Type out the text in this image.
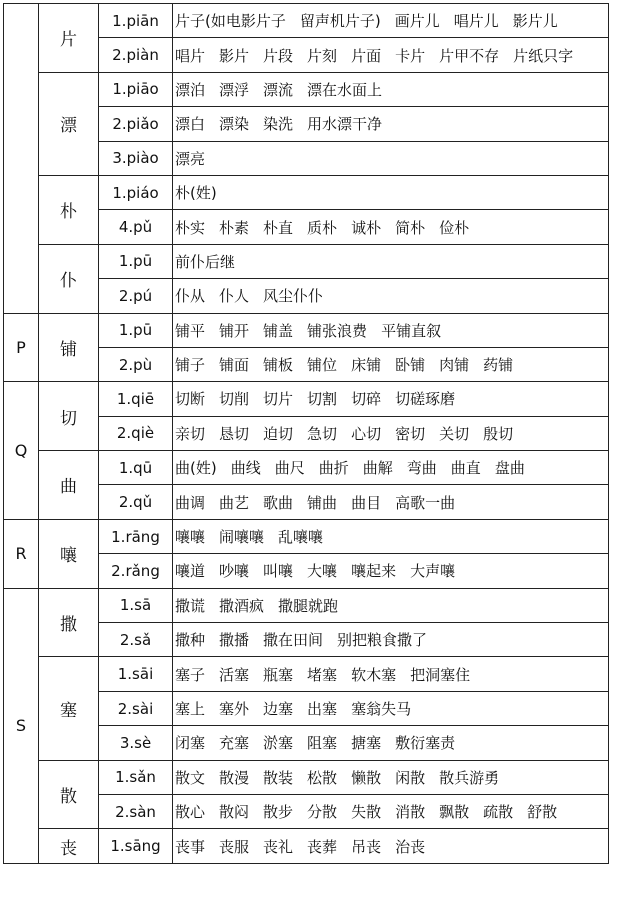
	片	1.piān	片子(如电影片子 留声机片子) 画片儿 唱片儿 影片儿
		2.piàn	唱片 影片 片段 片刻 片面 卡片 片甲不存 片纸只字
	漂	1.piāo	漂泊 漂浮 漂流 漂在水面上
		2.piǎo	漂白 漂染 染洗 用水漂干净
		3.piào	漂亮
	朴	1.piáo	朴(姓)
		4.pǔ	朴实 朴素 朴直 质朴 诚朴 简朴 俭朴
	仆	1.pū	前仆后继
		2.pú	仆从 仆人 风尘仆仆
P	铺	1.pū	铺平 铺开 铺盖 铺张浪费 平铺直叙
		2.pù	铺子 铺面 铺板 铺位 床铺 卧铺 肉铺 药铺
Q	切	1.qiē	切断 切削 切片 切割 切碎 切磋琢磨
		2.qiè	亲切 恳切 迫切 急切 心切 密切 关切 殷切
	曲	1.qū	曲(姓) 曲线 曲尺 曲折 曲解 弯曲 曲直 盘曲
		2.qǔ	曲调 曲艺 歌曲 铺曲 曲目 高歌一曲
R	嚷	1.rāng	嚷嚷 闹嚷嚷 乱嚷嚷
		2.rǎng	嚷道 吵嚷 叫嚷 大嚷 嚷起来 大声嚷
S	撒	1.sā	撒谎 撒酒疯 撒腿就跑
		2.sǎ	撒种 撒播 撒在田间 别把粮食撒了
	塞	1.sāi	塞子 活塞 瓶塞 堵塞 软木塞 把洞塞住
		2.sài	塞上 塞外 边塞 出塞 塞翁失马
		3.sè	闭塞 充塞 淤塞 阻塞 搪塞 敷衍塞责
	散	1.sǎn	散文 散漫 散装 松散 懒散 闲散 散兵游勇
		2.sàn	散心 散闷 散步 分散 失散 消散 飘散 疏散 舒散
	丧	1.sāng	丧事 丧服 丧礼 丧葬 吊丧 治丧
